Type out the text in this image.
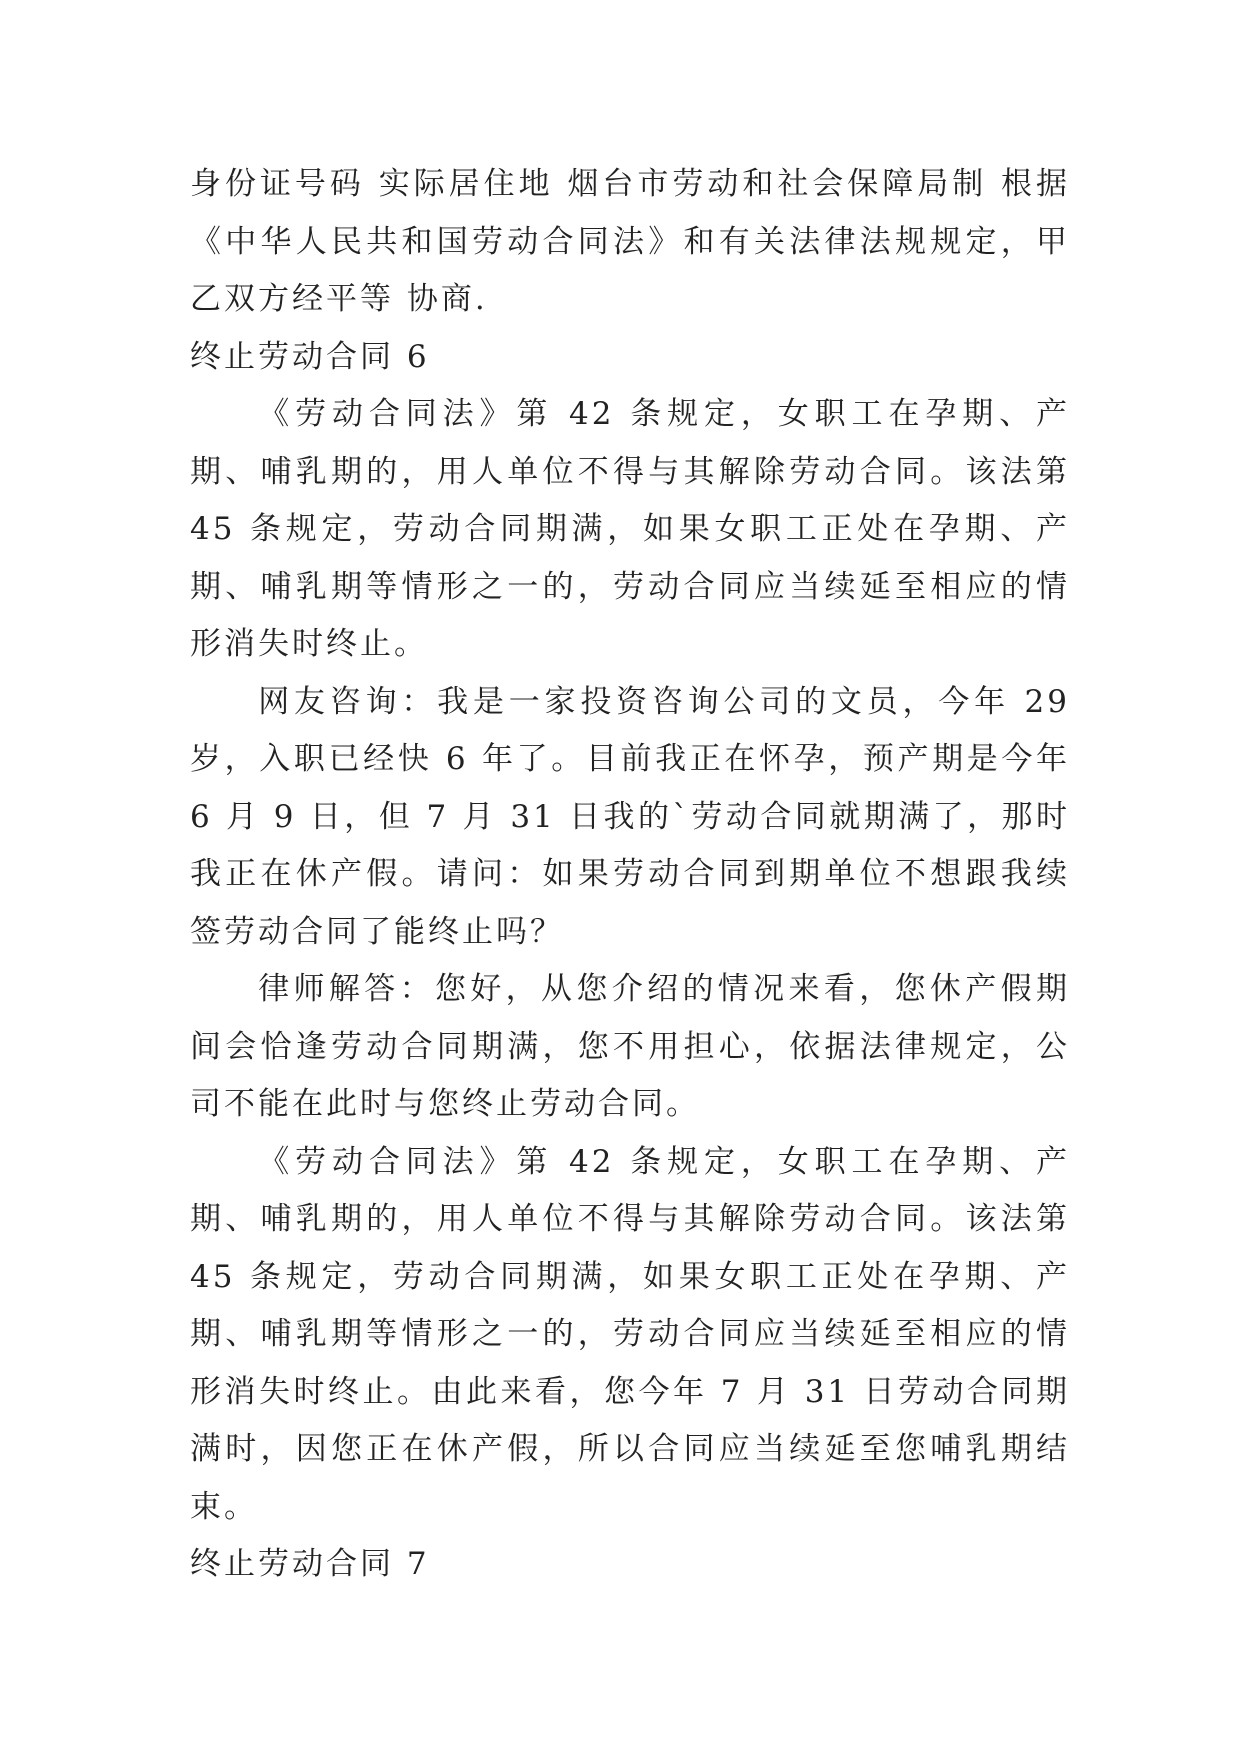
身份证号码 实际居住地 烟台市劳动和社会保障局制 根据《中华人民共和国劳动合同法》和有关法律法规规定，甲乙双方经平等 协商.

终止劳动合同 6

《劳动合同法》第 42 条规定，女职工在孕期、产期、哺乳期的，用人单位不得与其解除劳动合同。该法第 45 条规定，劳动合同期满，如果女职工正处在孕期、产期、哺乳期等情形之一的，劳动合同应当续延至相应的情形消失时终止。

网友咨询：我是一家投资咨询公司的文员，今年 29 岁，入职已经快 6 年了。目前我正在怀孕，预产期是今年 6 月 9 日，但 7 月 31 日我的`劳动合同就期满了，那时我正在休产假。请问：如果劳动合同到期单位不想跟我续签劳动合同了能终止吗？

律师解答：您好，从您介绍的情况来看，您休产假期间会恰逢劳动合同期满，您不用担心，依据法律规定，公司不能在此时与您终止劳动合同。

《劳动合同法》第 42 条规定，女职工在孕期、产期、哺乳期的，用人单位不得与其解除劳动合同。该法第 45 条规定，劳动合同期满，如果女职工正处在孕期、产期、哺乳期等情形之一的，劳动合同应当续延至相应的情形消失时终止。由此来看，您今年 7 月 31 日劳动合同期满时，因您正在休产假，所以合同应当续延至您哺乳期结束。

终止劳动合同 7
